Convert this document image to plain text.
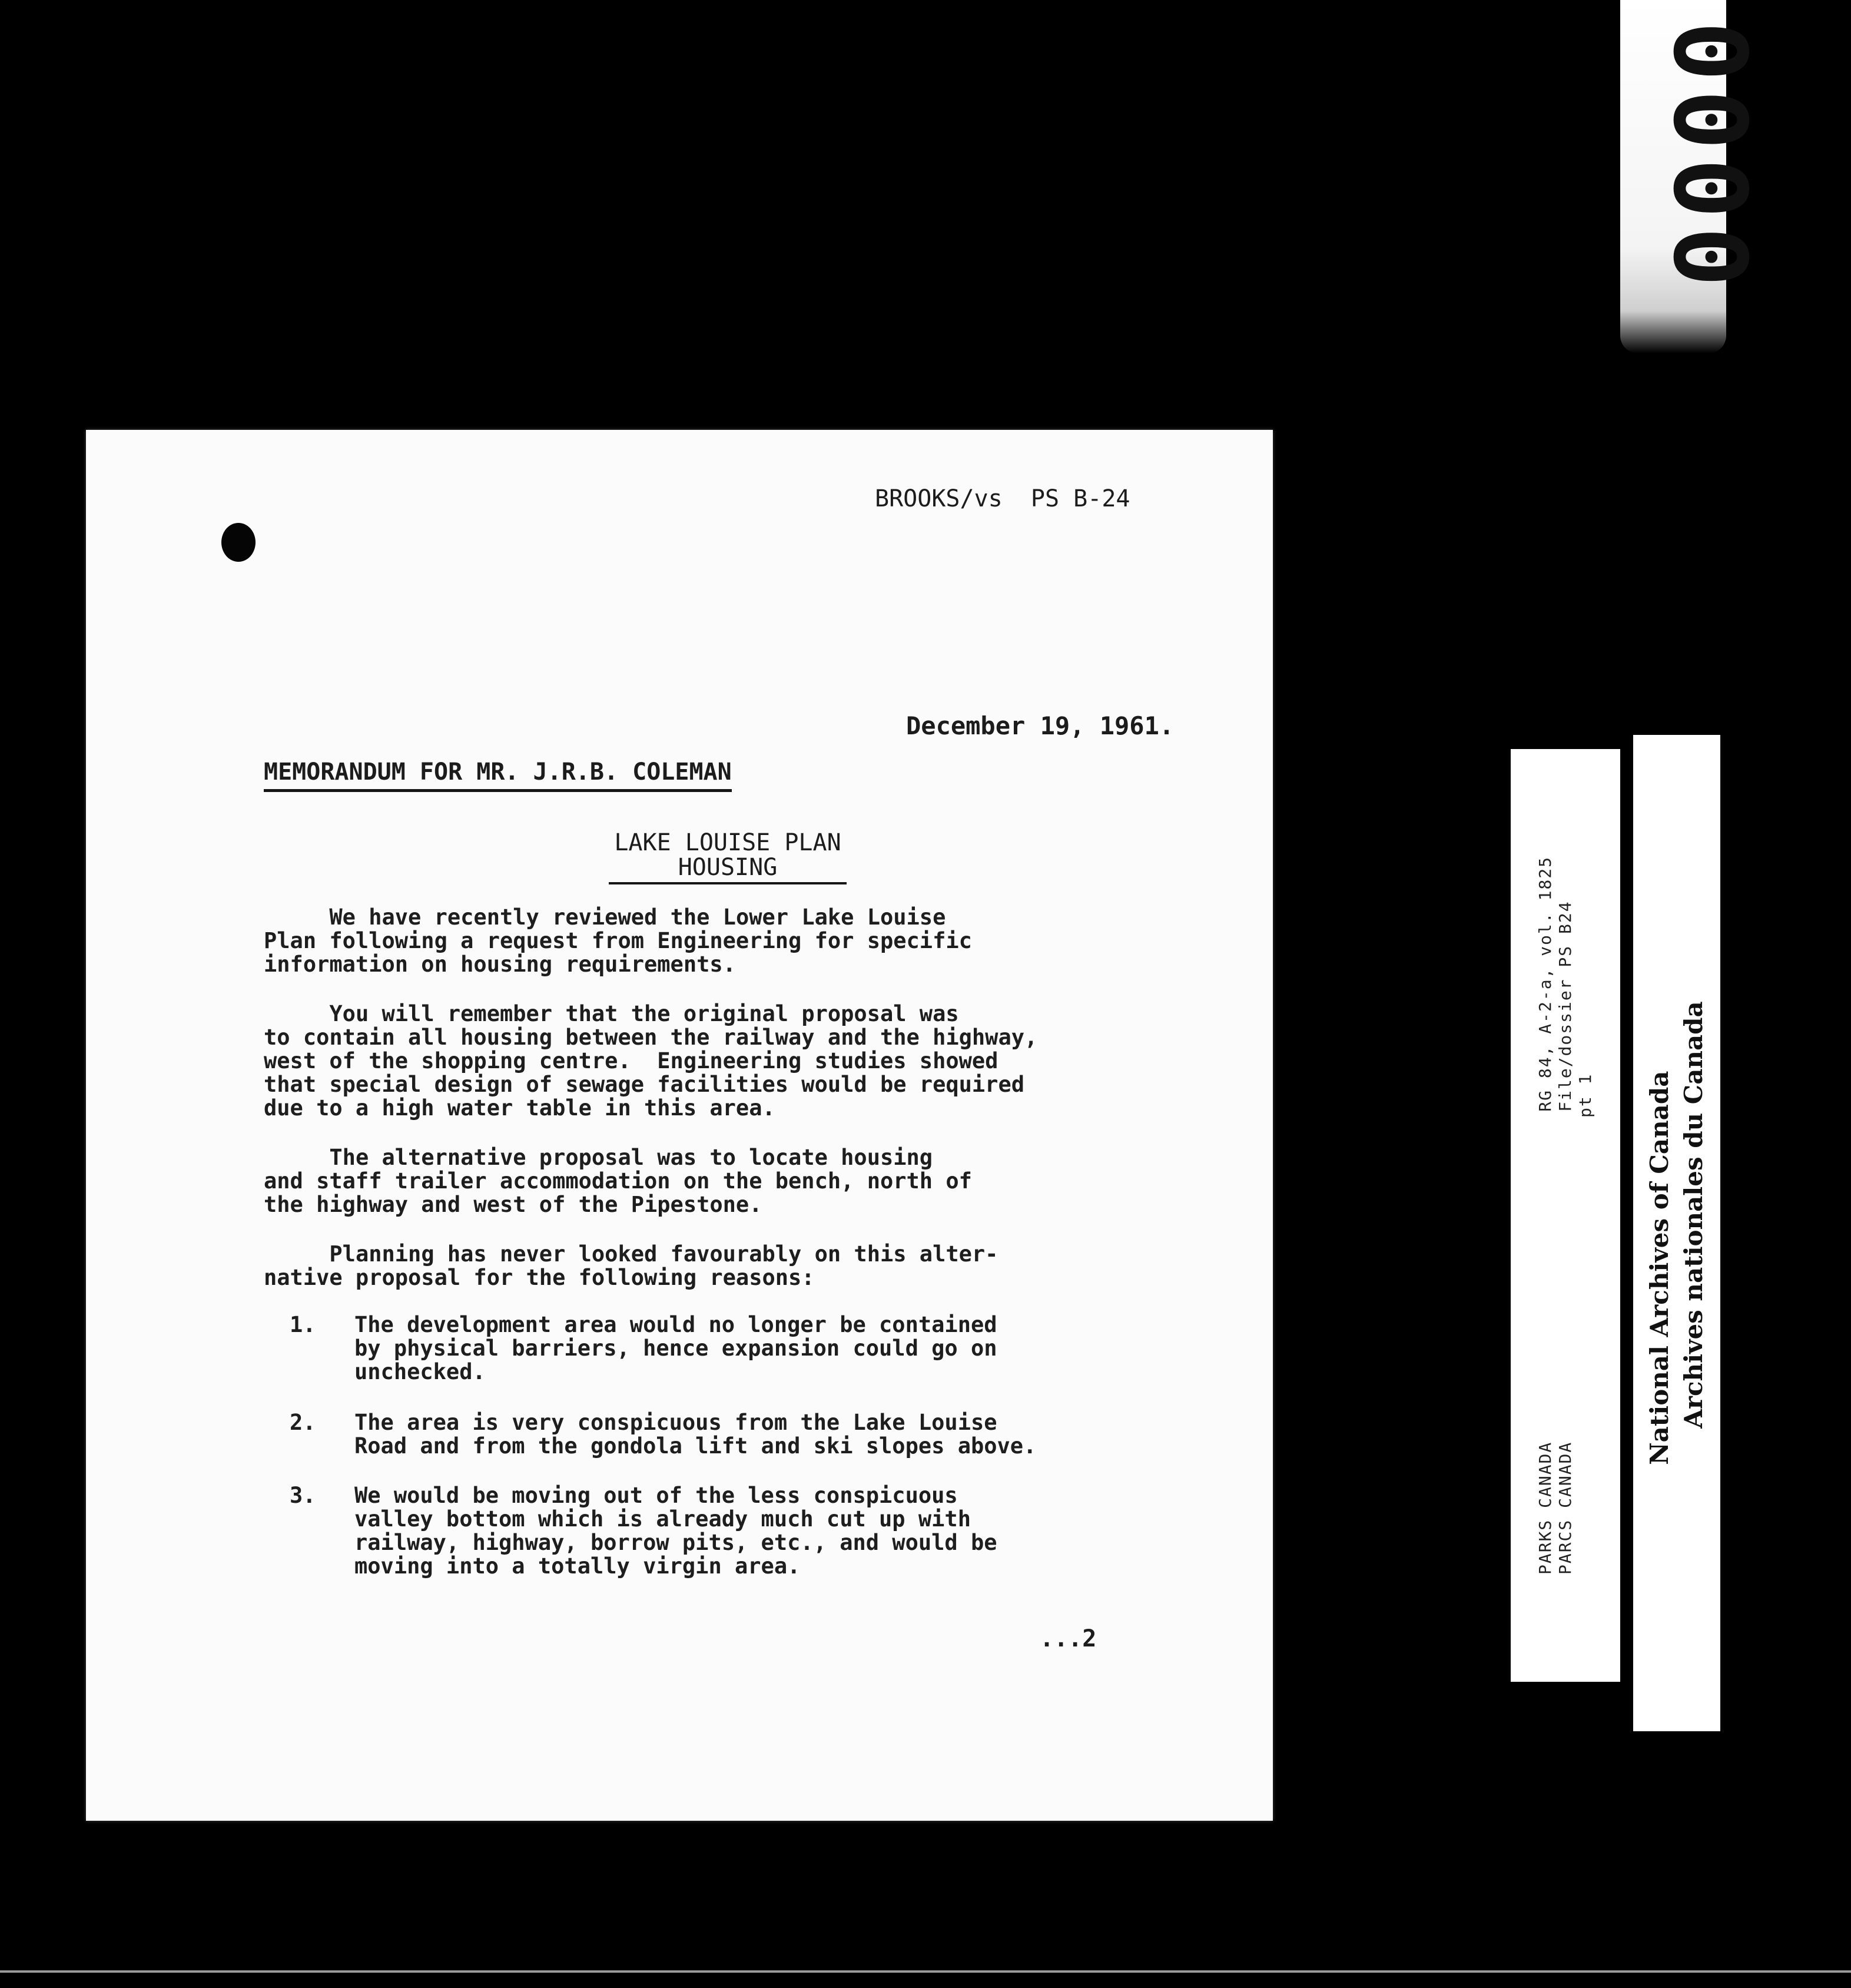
0000
BROOKS/vs  PS B-24
December 19, 1961.
MEMORANDUM FOR MR. J.R.B. COLEMAN
LAKE LOUISE PLAN
HOUSING
We have recently reviewed the Lower Lake Louise
Plan following a request from Engineering for specific
information on housing requirements.
You will remember that the original proposal was
to contain all housing between the railway and the highway,
west of the shopping centre.  Engineering studies showed
that special design of sewage facilities would be required
due to a high water table in this area.
The alternative proposal was to locate housing
and staff trailer accommodation on the bench, north of
the highway and west of the Pipestone.
Planning has never looked favourably on this alter-
native proposal for the following reasons:
1. The development area would no longer be contained
by physical barriers, hence expansion could go on
unchecked.
2. The area is very conspicuous from the Lake Louise
Road and from the gondola lift and ski slopes above.
3. We would be moving out of the less conspicuous
valley bottom which is already much cut up with
railway, highway, borrow pits, etc., and would be
moving into a totally virgin area.
...2
PARKS CANADARG 84, A-2-a, vol. 1825
PARCS CANADAFile/dossier PS B24 pt 1 National Archives of Canada Archives nationales du Canada
